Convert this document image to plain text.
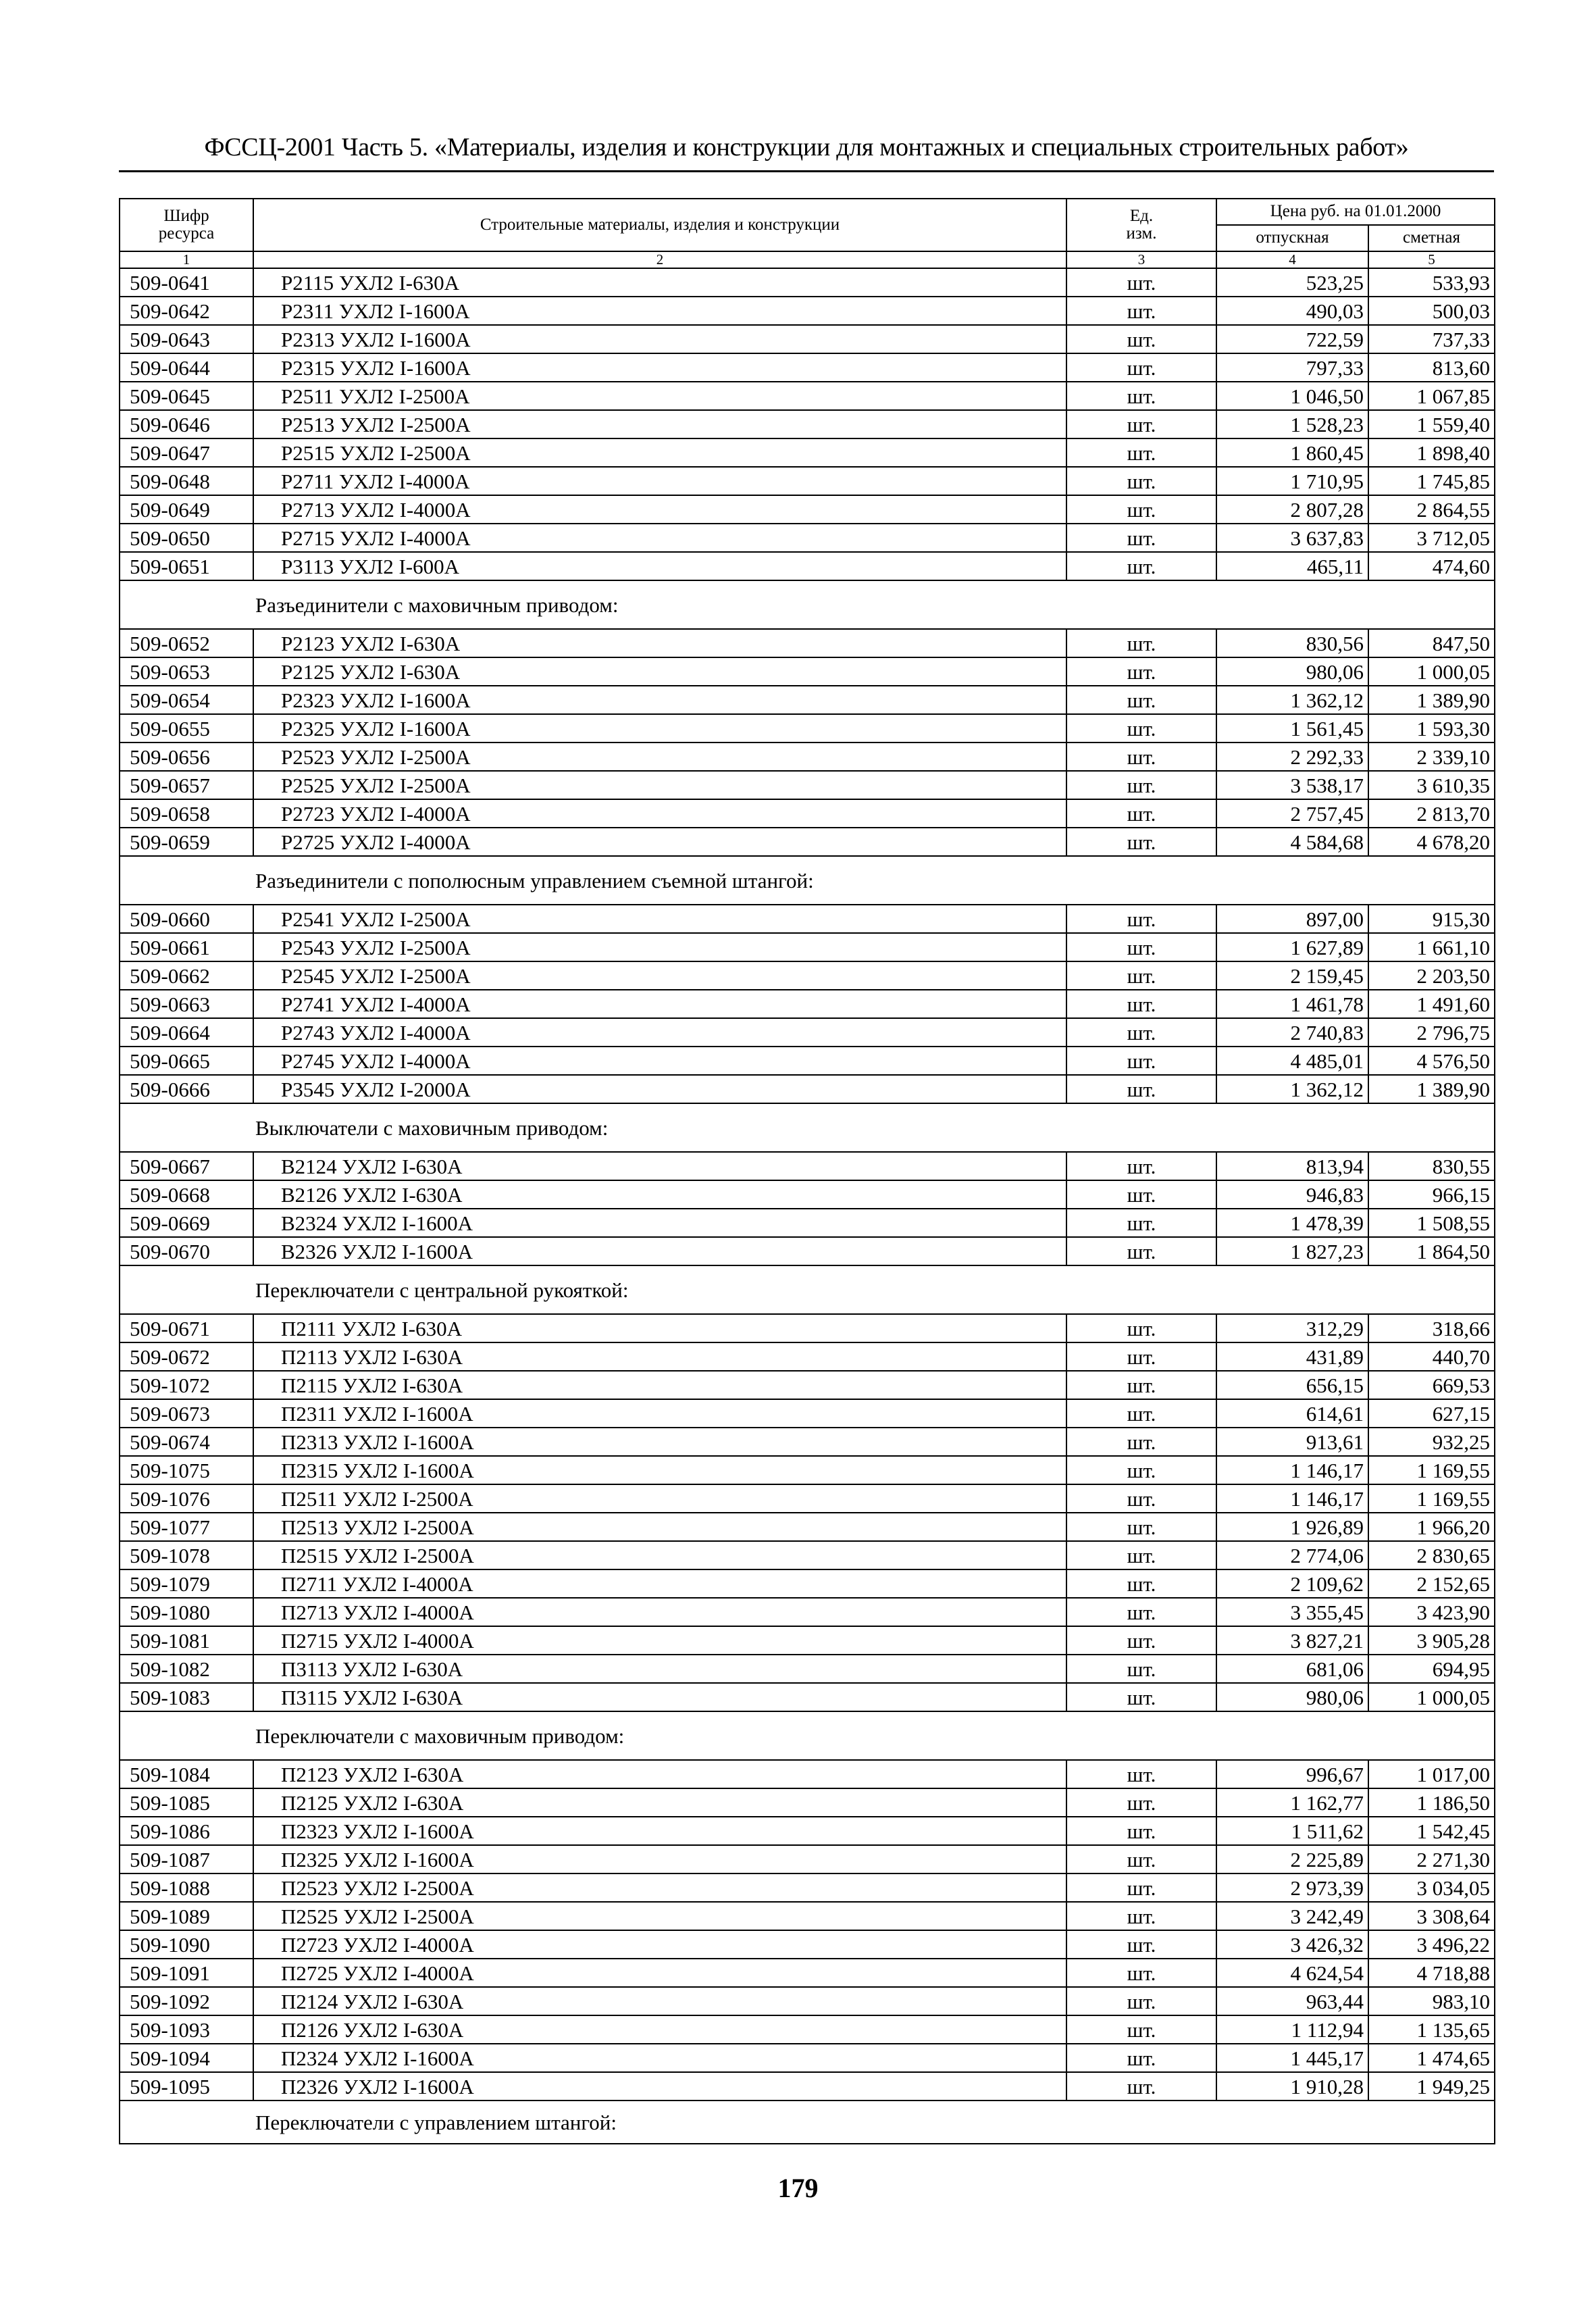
ФССЦ-2001 Часть 5. «Материалы, изделия и конструкции для монтажных и специальных строительных работ»
Шифр ресурса	Строительные материалы, изделия и конструкции	Ед. изм.	Цена руб. на 01.01.2000	
			отпускная	сметная
1	2	3	4	5
509-0641	Р2115 УХЛ2 I-630А	шт.	523,25	533,93
509-0642	Р2311 УХЛ2 I-1600А	шт.	490,03	500,03
509-0643	Р2313 УХЛ2 I-1600А	шт.	722,59	737,33
509-0644	Р2315 УХЛ2 I-1600А	шт.	797,33	813,60
509-0645	Р2511 УХЛ2 I-2500А	шт.	1 046,50	1 067,85
509-0646	Р2513 УХЛ2 I-2500А	шт.	1 528,23	1 559,40
509-0647	Р2515 УХЛ2 I-2500А	шт.	1 860,45	1 898,40
509-0648	Р2711 УХЛ2 I-4000А	шт.	1 710,95	1 745,85
509-0649	Р2713 УХЛ2 I-4000А	шт.	2 807,28	2 864,55
509-0650	Р2715 УХЛ2 I-4000А	шт.	3 637,83	3 712,05
509-0651	Р3113 УХЛ2 I-600А	шт.	465,11	474,60
Разъединители с маховичным приводом:				
509-0652	Р2123 УХЛ2 I-630А	шт.	830,56	847,50
509-0653	Р2125 УХЛ2 I-630А	шт.	980,06	1 000,05
509-0654	Р2323 УХЛ2 I-1600А	шт.	1 362,12	1 389,90
509-0655	Р2325 УХЛ2 I-1600А	шт.	1 561,45	1 593,30
509-0656	Р2523 УХЛ2 I-2500А	шт.	2 292,33	2 339,10
509-0657	Р2525 УХЛ2 I-2500А	шт.	3 538,17	3 610,35
509-0658	Р2723 УХЛ2 I-4000А	шт.	2 757,45	2 813,70
509-0659	Р2725 УХЛ2 I-4000А	шт.	4 584,68	4 678,20
Разъединители с пополюсным управлением съемной штангой:				
509-0660	Р2541 УХЛ2 I-2500А	шт.	897,00	915,30
509-0661	Р2543 УХЛ2 I-2500А	шт.	1 627,89	1 661,10
509-0662	Р2545 УХЛ2 I-2500А	шт.	2 159,45	2 203,50
509-0663	Р2741 УХЛ2 I-4000А	шт.	1 461,78	1 491,60
509-0664	Р2743 УХЛ2 I-4000А	шт.	2 740,83	2 796,75
509-0665	Р2745 УХЛ2 I-4000А	шт.	4 485,01	4 576,50
509-0666	Р3545 УХЛ2 I-2000А	шт.	1 362,12	1 389,90
Выключатели с маховичным приводом:				
509-0667	В2124 УХЛ2 I-630А	шт.	813,94	830,55
509-0668	В2126 УХЛ2 I-630А	шт.	946,83	966,15
509-0669	В2324 УХЛ2 I-1600А	шт.	1 478,39	1 508,55
509-0670	В2326 УХЛ2 I-1600А	шт.	1 827,23	1 864,50
Переключатели с центральной рукояткой:				
509-0671	П2111 УХЛ2 I-630А	шт.	312,29	318,66
509-0672	П2113 УХЛ2 I-630А	шт.	431,89	440,70
509-1072	П2115 УХЛ2 I-630А	шт.	656,15	669,53
509-0673	П2311 УХЛ2 I-1600А	шт.	614,61	627,15
509-0674	П2313 УХЛ2 I-1600А	шт.	913,61	932,25
509-1075	П2315 УХЛ2 I-1600А	шт.	1 146,17	1 169,55
509-1076	П2511 УХЛ2 I-2500А	шт.	1 146,17	1 169,55
509-1077	П2513 УХЛ2 I-2500А	шт.	1 926,89	1 966,20
509-1078	П2515 УХЛ2 I-2500А	шт.	2 774,06	2 830,65
509-1079	П2711 УХЛ2 I-4000А	шт.	2 109,62	2 152,65
509-1080	П2713 УХЛ2 I-4000А	шт.	3 355,45	3 423,90
509-1081	П2715 УХЛ2 I-4000А	шт.	3 827,21	3 905,28
509-1082	П3113 УХЛ2 I-630А	шт.	681,06	694,95
509-1083	П3115 УХЛ2 I-630А	шт.	980,06	1 000,05
Переключатели с маховичным приводом:				
509-1084	П2123 УХЛ2 I-630А	шт.	996,67	1 017,00
509-1085	П2125 УХЛ2 I-630А	шт.	1 162,77	1 186,50
509-1086	П2323 УХЛ2 I-1600А	шт.	1 511,62	1 542,45
509-1087	П2325 УХЛ2 I-1600А	шт.	2 225,89	2 271,30
509-1088	П2523 УХЛ2 I-2500А	шт.	2 973,39	3 034,05
509-1089	П2525 УХЛ2 I-2500А	шт.	3 242,49	3 308,64
509-1090	П2723 УХЛ2 I-4000А	шт.	3 426,32	3 496,22
509-1091	П2725 УХЛ2 I-4000А	шт.	4 624,54	4 718,88
509-1092	П2124 УХЛ2 I-630А	шт.	963,44	983,10
509-1093	П2126 УХЛ2 I-630А	шт.	1 112,94	1 135,65
509-1094	П2324 УХЛ2 I-1600А	шт.	1 445,17	1 474,65
509-1095	П2326 УХЛ2 I-1600А	шт.	1 910,28	1 949,25
Переключатели с управлением штангой:				
179
